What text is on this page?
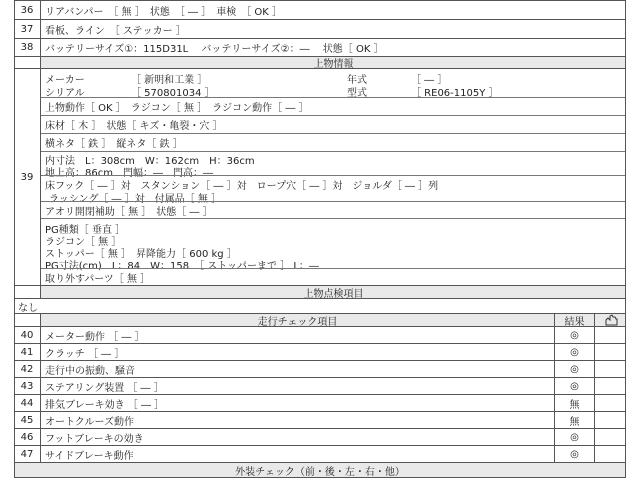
36	リアバンパー　［ 無 ］　状態　［ ― ］　車検　［ OK ］
37	看板、ライン　［ ステッカー ］
38	バッテリーサイズ①：115D31L　 バッテリーサイズ②：―　 状態［ OK ］
上物情報
39
メーカー	［ 新明和工業 ］	年式	［ ― ］
シリアル	［ 570801034 ］	型式	［ RE06-1105Y ］
上物動作［ OK ］　ラジコン［ 無 ］　ラジコン動作［ ― ］
床材［ 木 ］　状態［ キズ・亀裂・穴 ］
横ネタ［ 鉄 ］　縦ネタ［ 鉄 ］
内寸法　L：308cm　W：162cm　H：36cm
地上高：86cm　門幅：―　門高：―
床フック［ ― ］対　スタンション［ ― ］対　ロープ穴［ ― ］対　ジョルダ［ ― ］列
ラッシング［ ― ］対　付属品［ 無 ］
アオリ開閉補助［ 無 ］　状態［ ― ］
PG種類［ 垂直 ］
ラジコン［ 無 ］
ストッパー［ 無 ］　昇降能力［ 600 kg ］
PG寸法(cm)　L：84　W：158　［ ストッパーまで ］ L：―
取り外すパーツ［ 無 ］
上物点検項目
なし
走行チェック項目	結果
40	メーター動作 ［ ― ］	◎
41	クラッチ ［ ― ］	◎
42	走行中の振動、騒音	◎
43	ステアリング装置 ［ ― ］	◎
44	排気ブレーキ効き ［ ― ］	無
45	オートクルーズ動作	無
46	フットブレーキの効き	◎
47	サイドブレーキ動作	◎
外装チェック（前・後・左・右・他）
